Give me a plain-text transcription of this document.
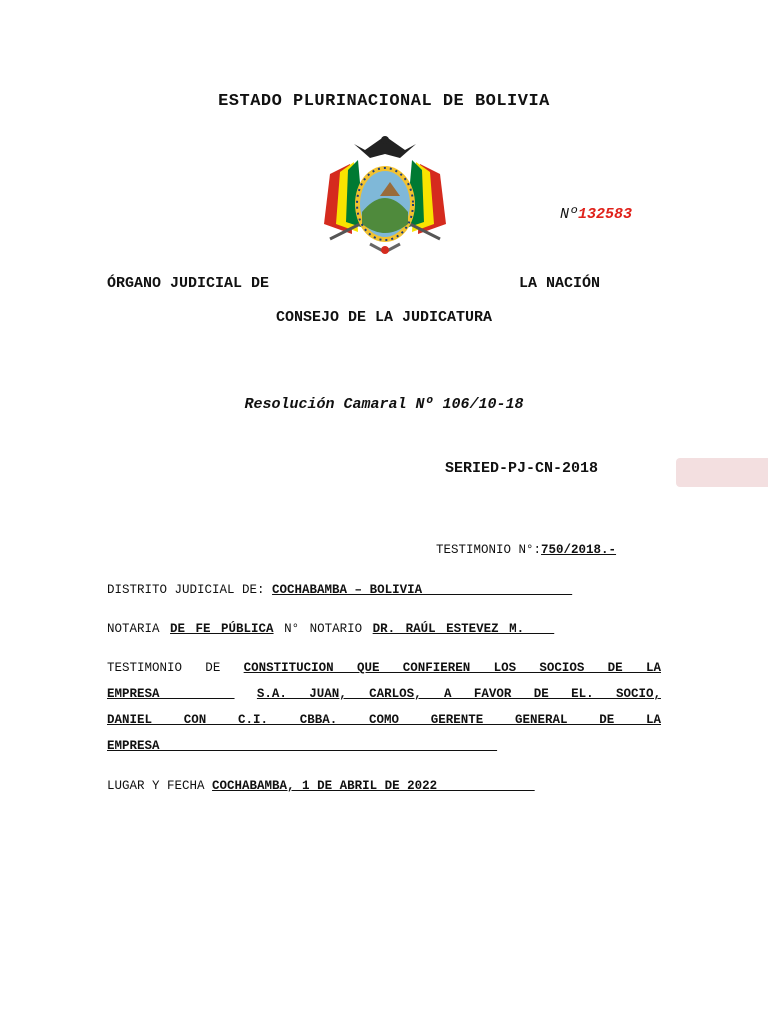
ESTADO PLURINACIONAL DE BOLIVIA
Nº132583
ÓRGANO JUDICIAL DE	LA NACIÓN
CONSEJO DE LA JUDICATURA
Resolución Camaral Nº 106/10-18
SERIED-PJ-CN-2018
TESTIMONIO N°:750/2018.-
DISTRITO JUDICIAL DE: COCHABAMBA – BOLIVIA____________________
NOTARIA DE FE PÚBLICA N° NOTARIO DR. RAÚL ESTEVEZ M.____
TESTIMONIO DE CONSTITUCION QUE CONFIEREN LOS SOCIOS DE LA
EMPRESA__________ S.A. JUAN, CARLOS, A FAVOR DE EL. SOCIO,
DANIEL CON C.I. CBBA. COMO GERENTE GENERAL DE LA
EMPRESA_____________________________________________
LUGAR Y FECHA COCHABAMBA, 1 DE ABRIL DE 2022_____________
